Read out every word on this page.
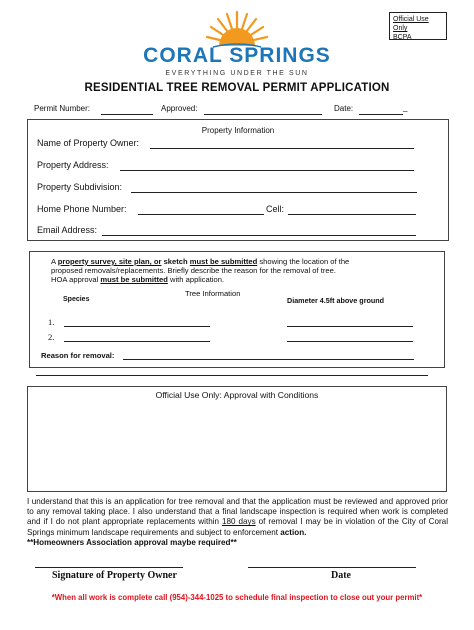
Official Use Only
BCPA
CORAL SPRINGS
EVERYTHING UNDER THE SUN
RESIDENTIAL TREE REMOVAL PERMIT APPLICATION
Permit Number:	Approved:	Date:	_
Property Information
Name of Property Owner:
Property Address:
Property Subdivision:
Home Phone Number:	Cell:
Email Address:
A property survey, site plan, or sketch must be submitted showing the location of the
proposed removals/replacements. Briefly describe the reason for the removal of tree.
HOA approval must be submitted with application.
Tree Information
Species	Diameter 4.5ft above ground
1.
2.
Reason for removal:
Official Use Only: Approval with Conditions
I understand that this is an application for tree removal and that the application must be reviewed and approved prior to any removal taking place. I also understand that a final landscape inspection is required when work is completed and if I do not plant appropriate replacements within 180 days of removal I may be in violation of the City of Coral Springs minimum landscape requirements and subject to enforcement action.
**Homeowners Association approval maybe required**
Signature of Property Owner	Date
*When all work is complete call (954)-344-1025 to schedule final inspection to close out your permit*
